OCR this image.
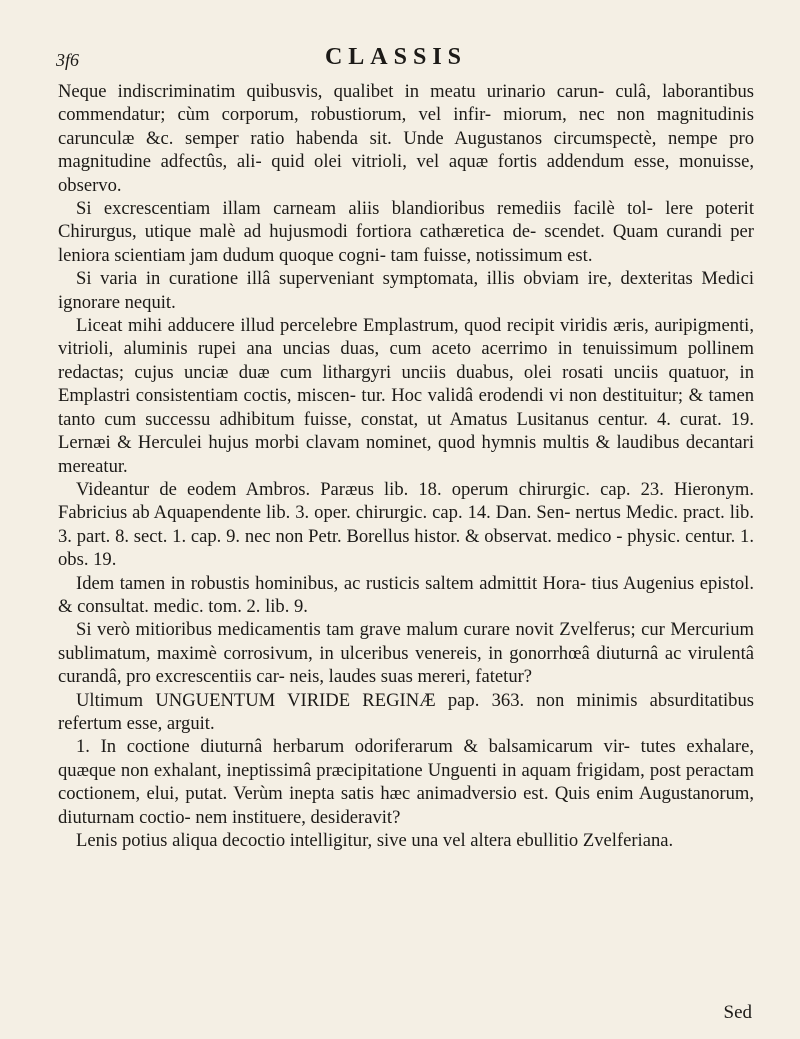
3f6	CLASSIS

Neque indiscriminatim quibusvis, qualibet in meatu urinario carun- culâ, laborantibus commendatur; cùm corporum, robustiorum, vel infir- miorum, nec non magnitudinis carunculæ &c. semper ratio habenda sit. Unde Augustanos circumspectè, nempe pro magnitudine adfectûs, ali- quid olei vitrioli, vel aquæ fortis addendum esse, monuisse, observo.

Si excrescentiam illam carneam aliis blandioribus remediis facilè tol- lere poterit Chirurgus, utique malè ad hujusmodi fortiora cathæretica de- scendet. Quam curandi per leniora scientiam jam dudum quoque cogni- tam fuisse, notissimum est.

Si varia in curatione illâ superveniant symptomata, illis obviam ire, dexteritas Medici ignorare nequit.

Liceat mihi adducere illud percelebre Emplastrum, quod recipit viridis æris, auripigmenti, vitrioli, aluminis rupei ana uncias duas, cum aceto acerrimo in tenuissimum pollinem redactas; cujus unciæ duæ cum lithargyri unciis duabus, olei rosati unciis quatuor, in Emplastri consistentiam coctis, miscen- tur. Hoc validâ erodendi vi non destituitur; & tamen tanto cum successu adhibitum fuisse, constat, ut Amatus Lusitanus centur. 4. curat. 19. Lernæi & Herculei hujus morbi clavam nominet, quod hymnis multis & laudibus decantari mereatur.

Videantur de eodem Ambros. Paræus lib. 18. operum chirurgic. cap. 23. Hieronym. Fabricius ab Aquapendente lib. 3. oper. chirurgic. cap. 14. Dan. Sen- nertus Medic. pract. lib. 3. part. 8. sect. 1. cap. 9. nec non Petr. Borellus histor. & observat. medico - physic. centur. 1. obs. 19.

Idem tamen in robustis hominibus, ac rusticis saltem admittit Hora- tius Augenius epistol. & consultat. medic. tom. 2. lib. 9.

Si verò mitioribus medicamentis tam grave malum curare novit Zvelferus; cur Mercurium sublimatum, maximè corrosivum, in ulceribus venereis, in gonorrhœâ diuturnâ ac virulentâ curandâ, pro excrescentiis car- neis, laudes suas mereri, fatetur?

Ultimum UNGUENTUM VIRIDE REGINÆ pap. 363. non minimis absurditatibus refertum esse, arguit.

1. In coctione diuturnâ herbarum odoriferarum & balsamicarum vir- tutes exhalare, quæque non exhalant, ineptissimâ præcipitatione Unguenti in aquam frigidam, post peractam coctionem, elui, putat. Verùm inepta satis hæc animadversio est. Quis enim Augustanorum, diuturnam coctio- nem instituere, desideravit?

Lenis potius aliqua decoctio intelligitur, sive una vel altera ebullitio Zvelferiana.

Sed
